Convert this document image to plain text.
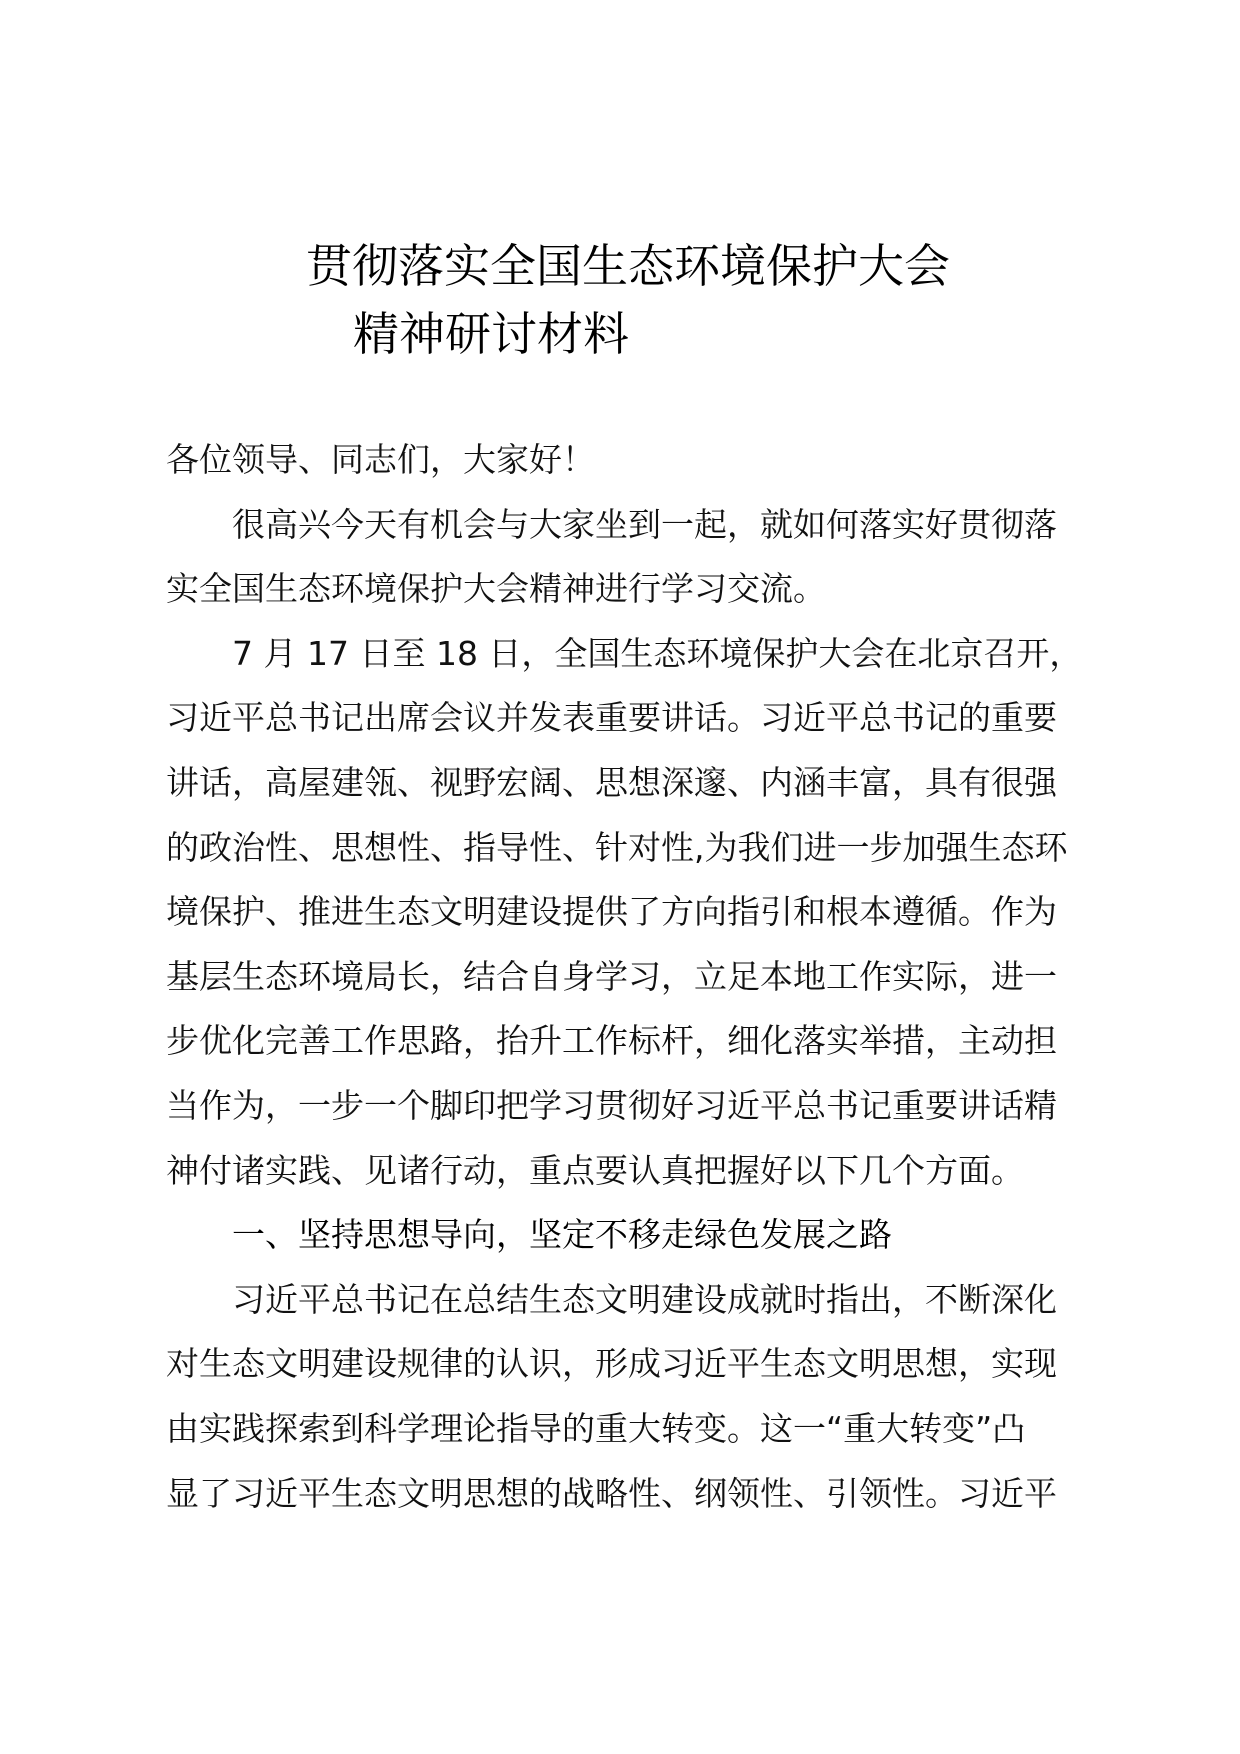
贯彻落实全国生态环境保护大会
精神研讨材料
各位领导、同志们，大家好！
很高兴今天有机会与大家坐到一起，就如何落实好贯彻落
实全国生态环境保护大会精神进行学习交流。
7 月 17 日至 18 日，全国生态环境保护大会在北京召开，
习近平总书记出席会议并发表重要讲话。习近平总书记的重要
讲话，高屋建瓴、视野宏阔、思想深邃、内涵丰富，具有很强
的政治性、思想性、指导性、针对性,为我们进一步加强生态环
境保护、推进生态文明建设提供了方向指引和根本遵循。作为
基层生态环境局长，结合自身学习，立足本地工作实际，进一
步优化完善工作思路，抬升工作标杆，细化落实举措，主动担
当作为，一步一个脚印把学习贯彻好习近平总书记重要讲话精
神付诸实践、见诸行动，重点要认真把握好以下几个方面。
一、坚持思想导向，坚定不移走绿色发展之路
习近平总书记在总结生态文明建设成就时指出，不断深化
对生态文明建设规律的认识，形成习近平生态文明思想，实现
由实践探索到科学理论指导的重大转变。这一“重大转变”凸
显了习近平生态文明思想的战略性、纲领性、引领性。习近平
